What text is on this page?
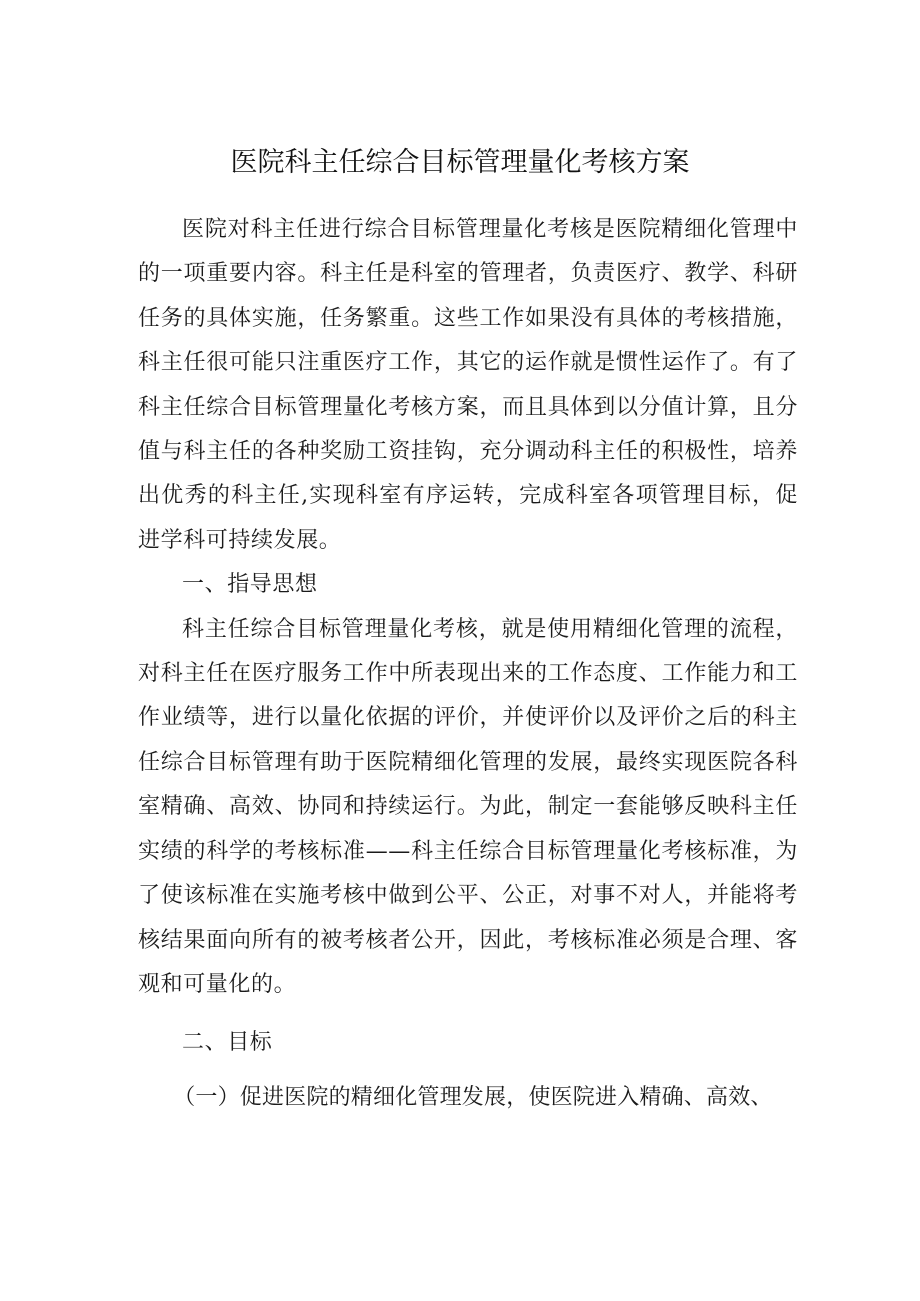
医院科主任综合目标管理量化考核方案

医院对科主任进行综合目标管理量化考核是医院精细化管理中的一项重要内容。科主任是科室的管理者，负责医疗、教学、科研任务的具体实施，任务繁重。这些工作如果没有具体的考核措施，科主任很可能只注重医疗工作，其它的运作就是惯性运作了。有了科主任综合目标管理量化考核方案，而且具体到以分值计算，且分值与科主任的各种奖励工资挂钩，充分调动科主任的积极性，培养出优秀的科主任,实现科室有序运转，完成科室各项管理目标，促进学科可持续发展。

一、指导思想

科主任综合目标管理量化考核，就是使用精细化管理的流程，对科主任在医疗服务工作中所表现出来的工作态度、工作能力和工作业绩等，进行以量化依据的评价，并使评价以及评价之后的科主任综合目标管理有助于医院精细化管理的发展，最终实现医院各科室精确、高效、协同和持续运行。为此，制定一套能够反映科主任实绩的科学的考核标准——科主任综合目标管理量化考核标准，为了使该标准在实施考核中做到公平、公正，对事不对人，并能将考核结果面向所有的被考核者公开，因此，考核标准必须是合理、客观和可量化的。

二、目标

（一）促进医院的精细化管理发展，使医院进入精确、高效、
